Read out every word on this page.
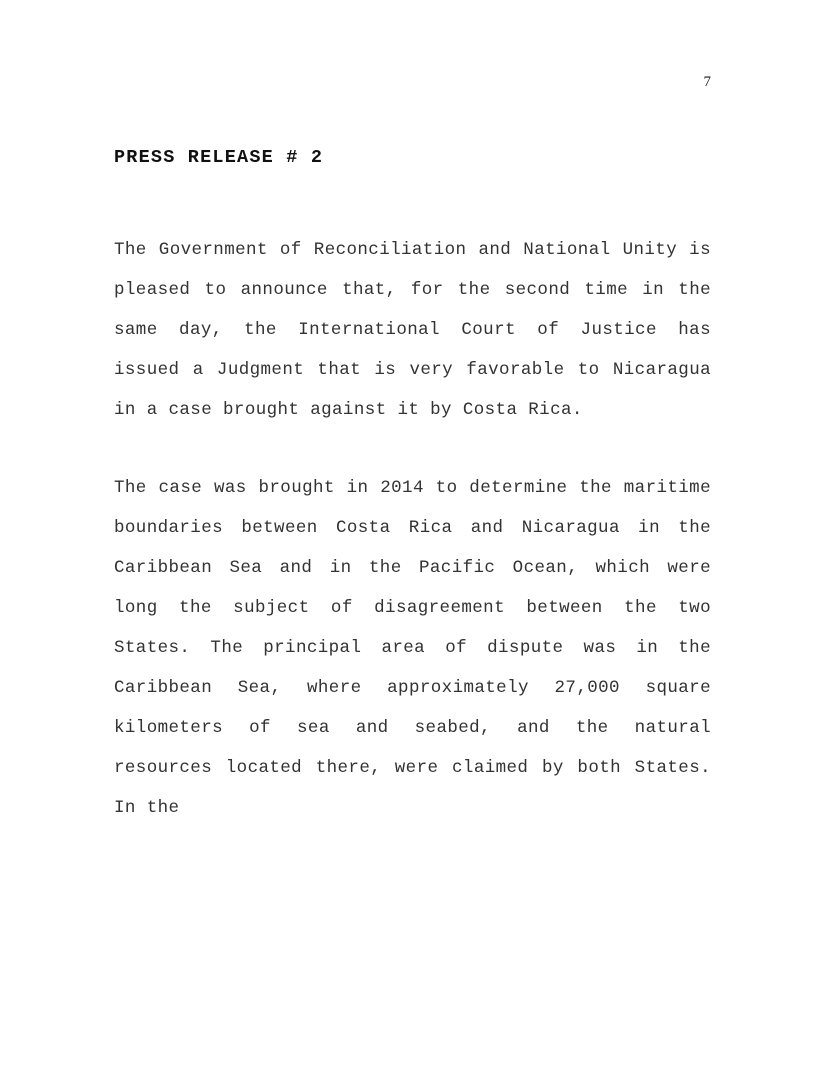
7
PRESS RELEASE # 2

The Government of Reconciliation and National Unity is pleased to announce that, for the second time in the same day, the International Court of Justice has issued a Judgment that is very favorable to Nicaragua in a case brought against it by Costa Rica.

The case was brought in 2014 to determine the maritime boundaries between Costa Rica and Nicaragua in the Caribbean Sea and in the Pacific Ocean, which were long the subject of disagreement between the two States. The principal area of dispute was in the Caribbean Sea, where approximately 27,000 square kilometers of sea and seabed, and the natural resources located there, were claimed by both States. In the
